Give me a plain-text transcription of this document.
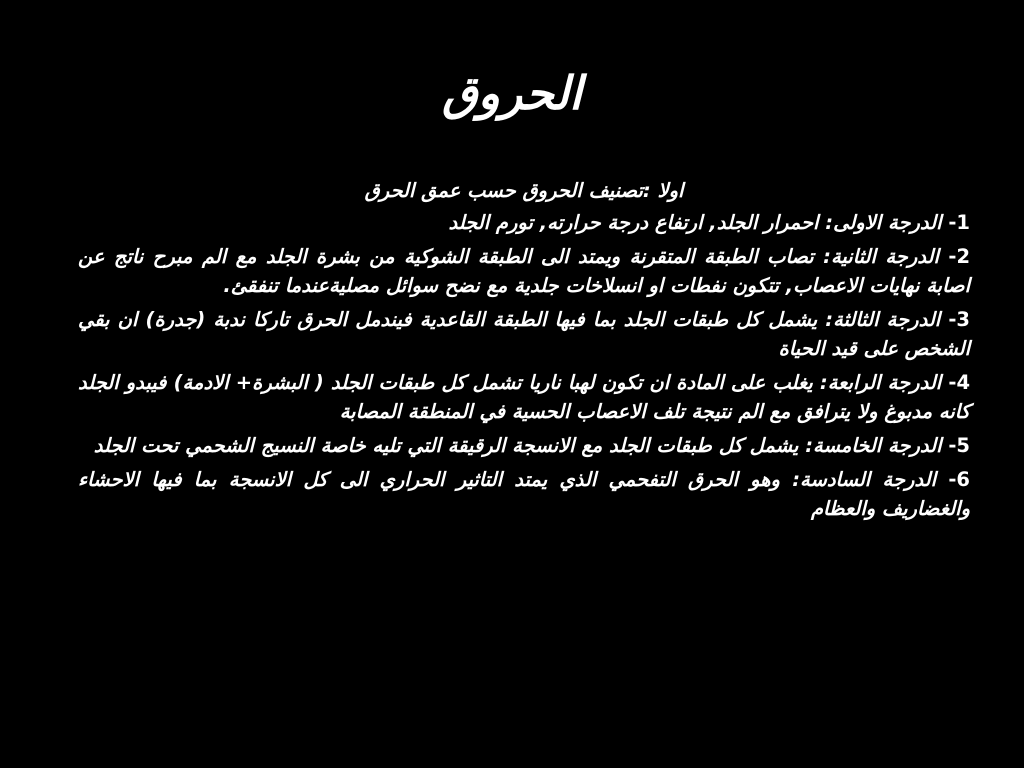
الحروق

اولا :تصنيف الحروق حسب عمق الحرق

1- الدرجة الاولى: احمرار الجلد, ارتفاع درجة حرارته, تورم الجلد

2- الدرجة الثانية: تصاب الطبقة المتقرنة ويمتد الى الطبقة الشوكية من بشرة الجلد مع الم مبرح ناتج عن اصابة نهايات الاعصاب, تتكون نفطات او انسلاخات جلدية مع نضح سوائل مصليةعندما تنفقئ.

3- الدرجة الثالثة: يشمل كل طبقات الجلد بما فيها الطبقة القاعدية فيندمل الحرق تاركا ندبة (جدرة) ان بقي الشخص على قيد الحياة

4- الدرجة الرابعة: يغلب على المادة ان تكون لهبا ناريا تشمل كل طبقات الجلد ( البشرة+ الادمة) فيبدو الجلد كانه مدبوغ ولا يترافق مع الم نتيجة تلف الاعصاب الحسية في المنطقة المصابة

5- الدرجة الخامسة: يشمل كل طبقات الجلد مع الانسجة الرقيقة التي تليه خاصة النسيج الشحمي تحت الجلد

6- الدرجة السادسة: وهو الحرق التفحمي الذي يمتد التاثير الحراري الى كل الانسجة بما فيها الاحشاء والغضاريف والعظام
